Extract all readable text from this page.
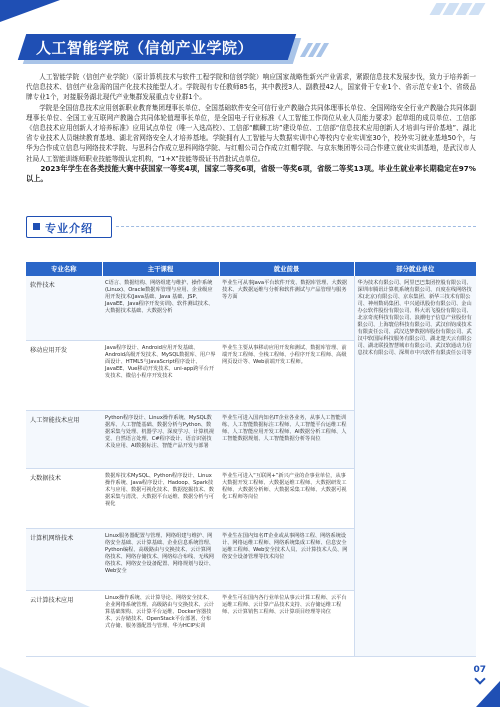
人工智能学院（信创产业学院）

人工智能学院（信创产业学院）（原计算机技术与软件工程学院和信创学院）响应国家战略性新兴产业需求，紧跟信息技术发展步伐，致力于培养新一代信息技术、信创产业急需的国产化技术技能型人才。学院现有专任教师85名，其中教授3人、副教授42人，国家骨干专业1个、省示范专业1个、省级品牌专业1个，对接服务湖北现代产业集群发展重点专业群1个。

学院是全国信息技术应用创新职业教育集团理事长单位、全国基础软件安全可信行业产教融合共同体理事长单位、全国网络安全行业产教融合共同体副理事长单位、全国工业互联网产教融合共同体轮值理事长单位，是全国电子行业标准《人工智能工作岗位从业人员能力要求》起草组的成员单位、工信部《信息技术应用创新人才培养标准》应用试点单位（唯一入选高校）、工信部“麒麟工坊”建设单位、工信部“信息技术应用创新人才培训与评价基地”、湖北省专业技术人员继续教育基地、湖北省网络安全人才培养基地。学院拥有人工智能与大数据实训中心等校内专业实训室30个，校外实习就业基地50个，与华为合作成立信息与网络技术学院、与思科合作成立思科网络学院、与红帽公司合作成立红帽学院、与京东集团等公司合作建立就业实训基地，是武汉市人社局人工智能训练师职业技能等级认定机构，“1+X”技能等级证书首批试点单位。

2023年学生在各类技能大赛中获国家一等奖4项，国家二等奖6项，省级一等奖6项，省级二等奖13项。毕业生就业率长期稳定在97%以上。

专业介绍
专业名称	主干课程	就业前景	部分就业单位
软件技术	C语言、数据结构、网络组建与维护、操作系统(Linux)、Oracle数据库管理与应用、企业级应用开发技术(Java基础、Java 基础、JSP、JavaEE、Java程序开发实训)、软件测试技术、大数据技术基础、大数据分析	毕业生可从事Java平台软件开发、数据库管理、大数据技术、大数据运维与分析和软件测试与产品管理与服务等方面	华为技术有限公司、阿里巴巴集团控股有限公司、深圳市腾讯计算机系统有限公司、百度在线网络技术(北京)有限公司、京东集团、新华三技术有限公司、神州数码集团、中兴通讯股份有限公司、金山办公软件股份有限公司、科大讯飞股份有限公司、北京奇虎科技有限公司、浪潮电子信息产业股份有限公司、上海寰信科技有限公司、武汉佰钧成技术有限责任公司、武汉达梦数据库股份有限公司、武汉中软国际科技服务有限公司、湖北楚天云有限公司、湖北联投智慧城市有限公司、武汉软通动力信息技术有限公司、深圳市中兴软件有限责任公司等
移动应用开发	Java程序设计、Android应用开发基础、Android高级开发技术、MySQL数据库、用户界面设计、HTML5与JavaScript程序设计、JavaEE、Vue移动开发技术、uni-app跨平台开发技术、微信小程序开发技术	毕业生主要从事移动应用开发和测试、数据库管理、前端开发工程师、全栈工程师、小程序开发工程师、高级网页设计等、Web前端开发工程师。	
人工智能技术应用	Python程序设计、Linux操作系统、MySQL数据库、人工智能基础、数据分析与Python、数据采集与处理、机器学习、深度学习、计算机视觉、自然语言处理、C#程序设计、语音识别技术及应用、AI数据标注、智能产品开发与部署	毕业生可进入国内知名IT企业各业务，从事人工智能训练、人工智能数据标注工程师、人工智能平台运维工程师、人工智能应用开发工程师、AI数据分析工程师、人工智能数据规划、人工智能数据分析等岗位	
大数据技术	数据库技术MySQL、Python程序设计、Linux操作系统、Java程序设计、Hadoop、Spark技术与应用、数据可视化技术、数据挖掘技术、数据采集与清洗、大数据平台运维、数据分析与可视化	毕业生可进入“互联网+”新兴产业的企事业单位，从事大数据开发工程师、大数据运维工程师、大数据研发工程师、大数据分析师、大数据采集工程师、大数据可视化工程师等岗位	
计算机网络技术	Linux服务器配置与管理、网络组建与维护、网络安全基础、云计算基础、企业信息系统管理、Python编程、高级路由与交换技术、云计算网络技术、网络存储技术、网络综合布线、无线网络技术、网络安全设备配置、网络规划与设计、Web安全	毕业生在国内知名IT企业或从事网络工程、网络系统设计、网络运维工程师、网络系统集成工程师、信息安全运维工程师、Web安全技术人员、云计算技术人员、网络安全设备管理等技术岗位	
云计算技术应用	Linux操作系统、云计算导论、网络安全技术、企业网络系统管理、高级路由与交换技术、云计算基础架构、云计算平台运维、Docker容器技术、云存储技术、OpenStack平台部署、分布式存储、服务器配置与管理、华为HCIP实训	毕业生可在国内各行业单位从事云计算工程师、云平台运维工程师、云计算产品技术支持、云存储运维工程师、云计算销售工程师、云计算项目经理等岗位	
07
